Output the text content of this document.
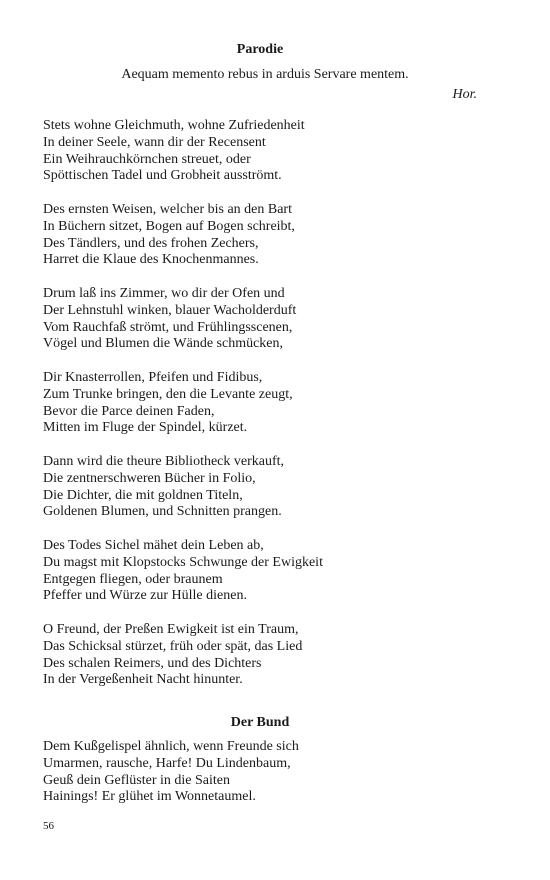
Parodie
Aequam memento rebus in arduis Servare mentem.
Hor.
Stets wohne Gleichmuth, wohne Zufriedenheit
In deiner Seele, wann dir der Recensent
Ein Weihrauchkörnchen streuet, oder
Spöttischen Tadel und Grobheit ausströmt.
Des ernsten Weisen, welcher bis an den Bart
In Büchern sitzet, Bogen auf Bogen schreibt,
Des Tändlers, und des frohen Zechers,
Harret die Klaue des Knochenmannes.
Drum laß ins Zimmer, wo dir der Ofen und
Der Lehnstuhl winken, blauer Wacholderduft
Vom Rauchfaß strömt, und Frühlingsscenen,
Vögel und Blumen die Wände schmücken,
Dir Knasterrollen, Pfeifen und Fidibus,
Zum Trunke bringen, den die Levante zeugt,
Bevor die Parce deinen Faden,
Mitten im Fluge der Spindel, kürzet.
Dann wird die theure Bibliotheck verkauft,
Die zentnerschweren Bücher in Folio,
Die Dichter, die mit goldnen Titeln,
Goldenen Blumen, und Schnitten prangen.
Des Todes Sichel mähet dein Leben ab,
Du magst mit Klopstocks Schwunge der Ewigkeit
Entgegen fliegen, oder braunem
Pfeffer und Würze zur Hülle dienen.
O Freund, der Preßen Ewigkeit ist ein Traum,
Das Schicksal stürzet, früh oder spät, das Lied
Des schalen Reimers, und des Dichters
In der Vergeßenheit Nacht hinunter.
Der Bund
Dem Kußgelispel ähnlich, wenn Freunde sich
Umarmen, rausche, Harfe! Du Lindenbaum,
Geuß dein Geflüster in die Saiten
Hainings! Er glühet im Wonnetaumel.
56
